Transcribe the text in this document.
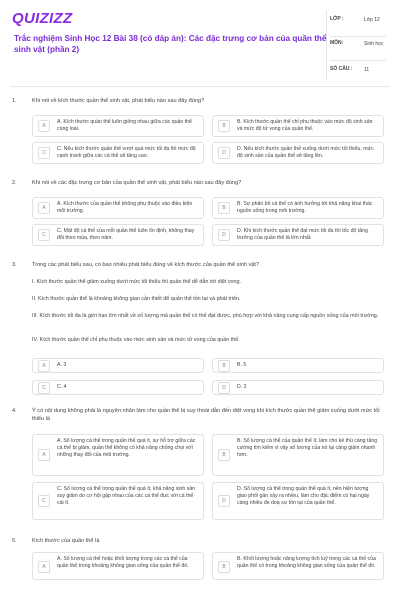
QUIZIZZ
Trắc nghiệm Sinh Học 12 Bài 38 (có đáp án): Các đặc trưng cơ bản của quần thể sinh vật (phần 2)
LỚP :	Lớp 12
MÔN:	Sinh học
SỐ CÂU : 11
1.	Khi nói về kích thước quần thể sinh vật, phát biểu nào sau đây đúng?
A
A. Kích thước quần thể luôn giống nhau giữa các quần thể cùng loài.	B
B. Kích thước quần thể chỉ phụ thuộc vào mức độ sinh sản và mức độ tử vong của quần thể.
C
C. Nếu kích thước quần thể vượt quá mức tối đa thì mức độ cạnh tranh giữa các cá thể sẽ tăng cao.	D
D. Nếu kích thước quần thể xuống dưới mức tối thiểu, mức độ sinh sản của quần thể sẽ tăng lên.
2.	Khi nói về các đặc trưng cơ bản của quần thể sinh vật, phát biểu nào sau đây đúng?
A
A. Kích thước của quần thể không phụ thuộc vào điều kiện môi trường.	B
B. Sự phân bố cá thể có ảnh hưởng tới khả năng khai thác nguồn sống trong môi trường.
C
C. Mật độ cá thể của mỗi quần thể luôn ổn định, không thay đổi theo mùa, theo năm.	D
D. Khi kích thước quần thể đạt mức tối đa thì tốc độ tăng trưởng của quần thể là lớn nhất.
3.	Trong các phát biểu sau, có bao nhiêu phát biểu đúng về kích thước của quần thể sinh vật?
I. Kích thước quần thể giảm xuống dưới mức tối thiểu thì quần thể dễ dẫn tới diệt vong.
II. Kích thước quần thể là khoảng không gian cần thiết để quần thể tồn tại và phát triển.
III. Kích thước tối đa là giới hạn lớn nhất về số lượng mà quần thể có thể đạt được, phù hợp với khả năng cung cấp nguồn sống của môi trường.
IV. Kích thước quần thể chỉ phụ thuộc vào mức sinh sản và mức tử vong của quần thể.
A	A. 3	B	B. 5
C	C. 4	D	D. 2
4.	Ý có nội dung không phải là nguyên nhân làm cho quần thể bị suy thoái dẫn đến diệt vong khi kích thước quần thể giảm xuống dưới mức tối thiểu là
A
A. Số lượng cá thể trong quần thể quá ít, sự hỗ trợ giữa các cá thể bị giảm, quần thể không có khả năng chống chọi với những thay đổi của môi trường.	B
B. Số lượng cá thể của quần thể ít, làm cho kẻ thù càng tăng cường tìm kiếm vì vậy số lượng của nó lại càng giảm nhanh hơn.
C
C. Số lượng cá thể trong quần thể quá ít, khả năng sinh sản suy giảm do cơ hội gặp nhau của các cá thể đực với cá thể cái ít.	D
D. Số lượng cá thể trong quần thể quá ít, nên hiện tượng giao phối gần xảy ra nhiều, làm cho đặc điểm có hại ngày càng nhiều đe doạ sự tồn tại của quần thể.
5.	Kích thước của quần thể là
A
A. Số lượng cá thể hoặc khối lượng trong các cá thể của quần thể trong khoảng không gian sống của quần thể đó.	B
B. Khối lượng hoặc năng lượng tích luỹ trong các cá thể của quần thể có trong khoảng không gian sống của quần thể đó.
